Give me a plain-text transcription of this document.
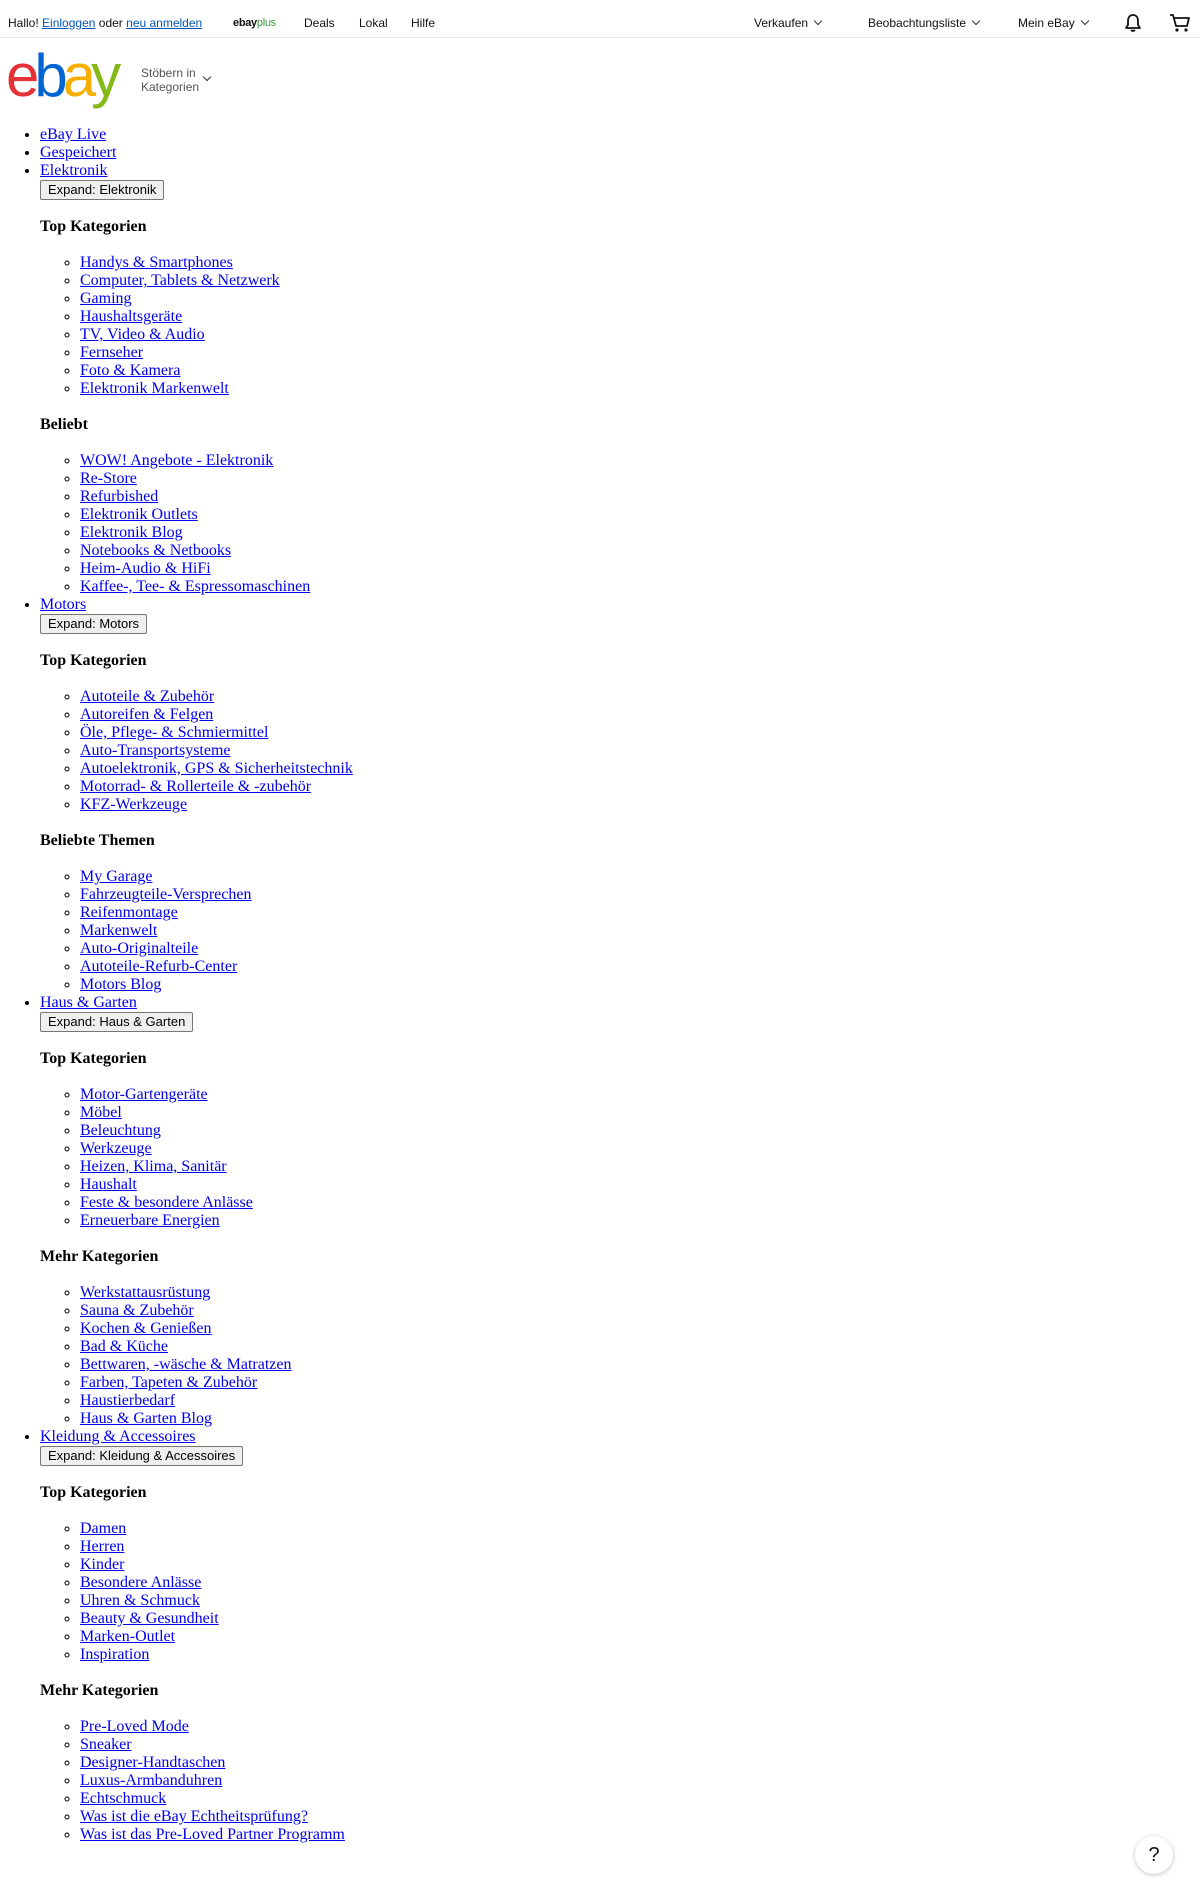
Hallo! Einloggen oder neu anmelden	ebayplus Deals Lokal Hilfe	Verkaufen	Beobachtungsliste	Mein eBay
ebay Stöbern in
Kategorien
• eBay Live
• Gespeichert
• Elektronik
Expand: Elektronik
Top Kategorien
◦ Handys & Smartphones
◦ Computer, Tablets & Netzwerk
◦ Gaming
◦ Haushaltsgeräte
◦ TV, Video & Audio
◦ Fernseher
◦ Foto & Kamera
◦ Elektronik Markenwelt
Beliebt
◦ WOW! Angebote - Elektronik
◦ Re-Store
◦ Refurbished
◦ Elektronik Outlets
◦ Elektronik Blog
◦ Notebooks & Netbooks
◦ Heim-Audio & HiFi
◦ Kaffee-, Tee- & Espressomaschinen
• Motors
Expand: Motors
Top Kategorien
◦ Autoteile & Zubehör
◦ Autoreifen & Felgen
◦ Öle, Pflege- & Schmiermittel
◦ Auto-Transportsysteme
◦ Autoelektronik, GPS & Sicherheitstechnik
◦ Motorrad- & Rollerteile & -zubehör
◦ KFZ-Werkzeuge
Beliebte Themen
◦ My Garage
◦ Fahrzeugteile-Versprechen
◦ Reifenmontage
◦ Markenwelt
◦ Auto-Originalteile
◦ Autoteile-Refurb-Center
◦ Motors Blog
• Haus & Garten
Expand: Haus & Garten
Top Kategorien
◦ Motor-Gartengeräte
◦ Möbel
◦ Beleuchtung
◦ Werkzeuge
◦ Heizen, Klima, Sanitär
◦ Haushalt
◦ Feste & besondere Anlässe
◦ Erneuerbare Energien
Mehr Kategorien
◦ Werkstattausrüstung
◦ Sauna & Zubehör
◦ Kochen & Genießen
◦ Bad & Küche
◦ Bettwaren, -wäsche & Matratzen
◦ Farben, Tapeten & Zubehör
◦ Haustierbedarf
◦ Haus & Garten Blog
• Kleidung & Accessoires
Expand: Kleidung & Accessoires
Top Kategorien
◦ Damen
◦ Herren
◦ Kinder
◦ Besondere Anlässe
◦ Uhren & Schmuck
◦ Beauty & Gesundheit
◦ Marken-Outlet
◦ Inspiration
Mehr Kategorien
◦ Pre-Loved Mode
◦ Sneaker
◦ Designer-Handtaschen
◦ Luxus-Armbanduhren
◦ Echtschmuck
◦ Was ist die eBay Echtheitsprüfung?
◦ Was ist das Pre-Loved Partner Programm
?
